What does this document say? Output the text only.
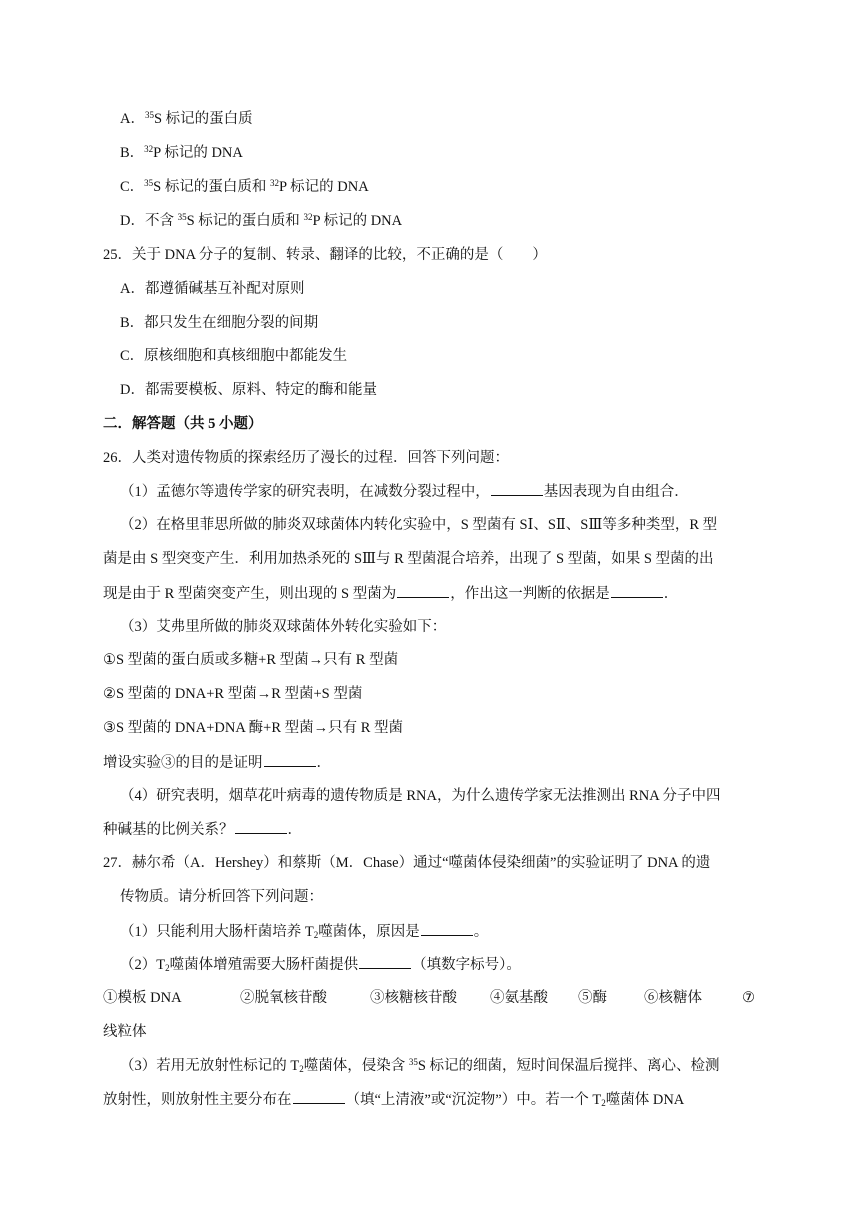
A．$^{35}$S 标记的蛋白质
B．$^{32}$P 标记的 DNA
C．$^{35}$S 标记的蛋白质和 $^{32}$P 标记的 DNA
D．不含 $^{35}$S 标记的蛋白质和 $^{32}$P 标记的 DNA
25．关于 DNA 分子的复制、转录、翻译的比较，不正确的是（　　）
A．都遵循碱基互补配对原则
B．都只发生在细胞分裂的间期
C．原核细胞和真核细胞中都能发生
D．都需要模板、原料、特定的酶和能量
二．解答题（共 5 小题）
26．人类对遗传物质的探索经历了漫长的过程．回答下列问题：
（1）孟德尔等遗传学家的研究表明，在减数分裂过程中，	基因表现为自由组合．
（2）在格里菲思所做的肺炎双球菌体内转化实验中，S 型菌有 SⅠ、SⅡ、SⅢ等多种类型，R 型
菌是由 S 型突变产生．利用加热杀死的 SⅢ与 R 型菌混合培养，出现了 S 型菌，如果 S 型菌的出
现是由于 R 型菌突变产生，则出现的 S 型菌为	，作出这一判断的依据是	．
（3）艾弗里所做的肺炎双球菌体外转化实验如下：
①S 型菌的蛋白质或多糖+R 型菌→只有 R 型菌
②S 型菌的 DNA+R 型菌→R 型菌+S 型菌
③S 型菌的 DNA+DNA 酶+R 型菌→只有 R 型菌
增设实验③的目的是证明	．
（4）研究表明，烟草花叶病毒的遗传物质是 RNA，为什么遗传学家无法推测出 RNA 分子中四
种碱基的比例关系？	．
27．赫尔希（A．Hershey）和蔡斯（M．Chase）通过“噬菌体侵染细菌”的实验证明了 DNA 的遗
传物质。请分析回答下列问题：
（1）只能利用大肠杆菌培养 $T_2$噬菌体，原因是	。
$(2)T_2$噬菌体增殖需要大肠杆菌提供	（填数字标号）。
①模板 DNA	②脱氧核苷酸	③核糖核苷酸 ④氨基酸 ⑤酶	⑥核糖体	⑦
线粒体
（3）若用无放射性标记的 $T_2$噬菌体，侵染含 $^{35}$S 标记的细菌，短时间保温后搅拌、离心、检测
放射性，则放射性主要分布在	（填“上清液”或“沉淀物”）中。若一个 $T_2$噬菌体 DNA
